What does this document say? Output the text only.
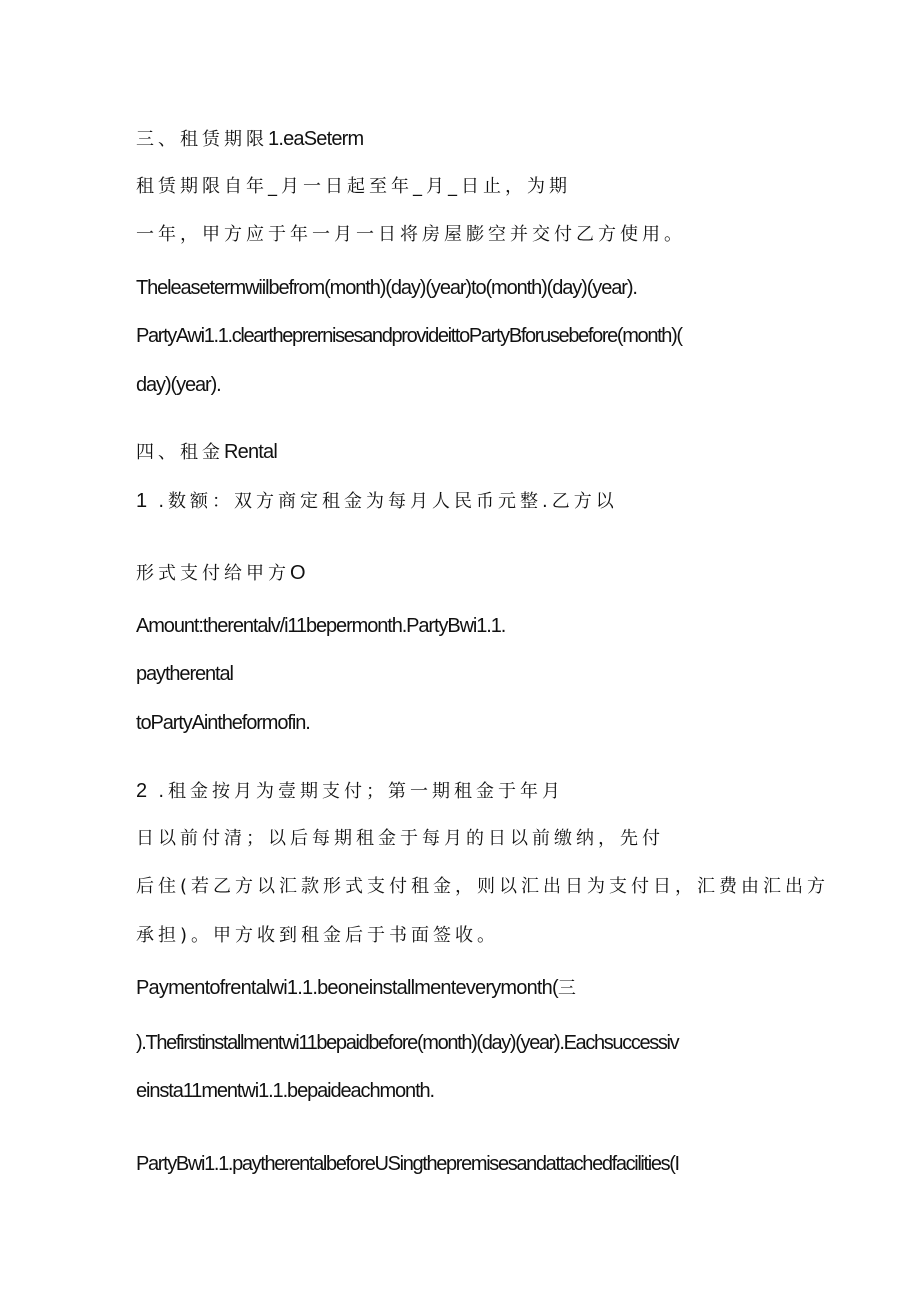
三、租赁期限1.eaSeterm

租赁期限自年_月一日起至年_月_日止，为期

一年，甲方应于年一月一日将房屋膨空并交付乙方使用。

Theleasetermwiilbefrom(month)(day)(year)to(month)(day)(year).

PartyAwi1.1.cleartheprernisesandprovideittoPartyBforusebefore(month)(

day)(year).

四、租金Rental
1 .数额：双方商定租金为每月人民币元整.乙方以
形式支付给甲方O

Amount:therentalv/i11bepermonth.PartyBwi1.1.

paytherental

toPartyAintheformofin.

2 .租金按月为壹期支付；第一期租金于年月

日以前付清；以后每期租金于每月的日以前缴纳，先付

后住(若乙方以汇款形式支付租金，则以汇出日为支付日，汇费由汇出方

承担)。甲方收到租金后于书面签收。

Paymentofrentalwi1.1.beoneinstallmenteverymonth(三

).Thefirstinstallmentwi11bepaidbefore(month)(day)(year).Eachsuccessiv

einsta11mentwi1.1.bepaideachmonth.

PartyBwi1.1.paytherentalbeforeUSingthepremisesandattachedfacilities(I
